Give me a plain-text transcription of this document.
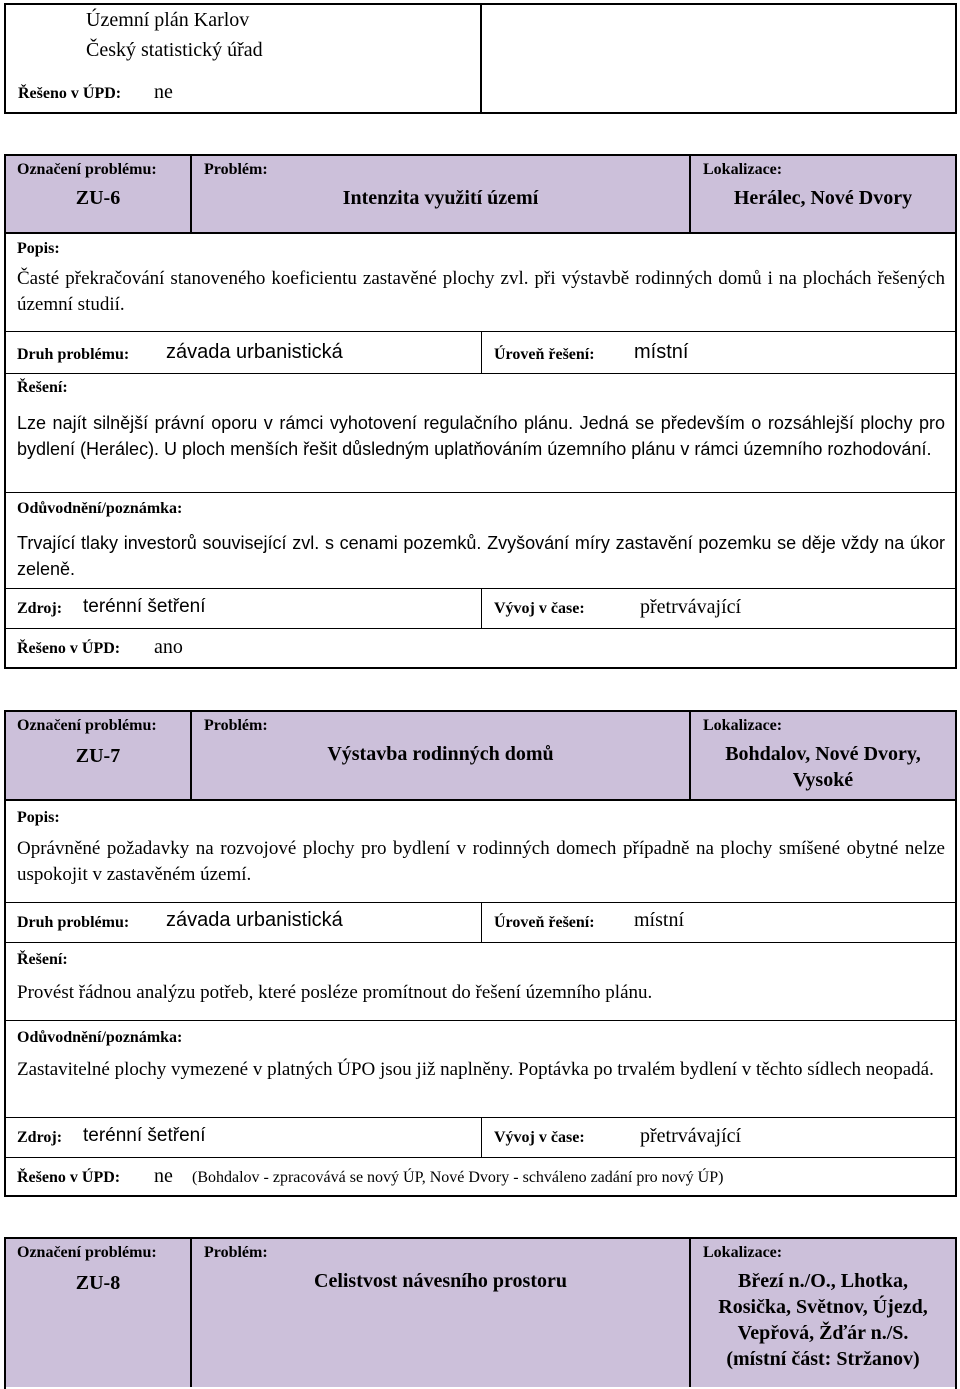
Územní plán Karlov
Český statistický úřad
Řešeno v ÚPD: ne
Označení problému:
ZU-6
Problém:
Intenzita využití území
Lokalizace:
Herálec, Nové Dvory
Popis:
Časté překračování stanoveného koeficientu zastavěné plochy zvl. při výstavbě rodinných domů i na plochách řešených územní studií.
Druh problému: závada urbanistická	Úroveň řešení: místní
Řešení:
Lze najít silnější právní oporu v rámci vyhotovení regulačního plánu. Jedná se především o rozsáhlejší plochy pro bydlení (Herálec). U ploch menších řešit důsledným uplatňováním územního plánu v rámci územního rozhodování.
Odůvodnění/poznámka:
Trvající tlaky investorů související zvl. s cenami pozemků. Zvyšování míry zastavění pozemku se děje vždy na úkor zeleně.
Zdroj: terénní šetření	Vývoj v čase:	přetrvávající
Řešeno v ÚPD: ano
Označení problému:
ZU-7
Problém:
Výstavba rodinných domů
Lokalizace:
Bohdalov, Nové Dvory,
Vysoké
Popis:
Oprávněné požadavky na rozvojové plochy pro bydlení v rodinných domech případně na plochy smíšené obytné nelze uspokojit v zastavěném území.
Druh problému: závada urbanistická	Úroveň řešení: místní
Řešení:
Provést řádnou analýzu potřeb, které posléze promítnout do řešení územního plánu.
Odůvodnění/poznámka:
Zastavitelné plochy vymezené v platných ÚPO jsou již naplněny. Poptávka po trvalém bydlení v těchto sídlech neopadá.
Zdroj: terénní šetření	Vývoj v čase:	přetrvávající
Řešeno v ÚPD: ne (Bohdalov - zpracovává se nový ÚP, Nové Dvory - schváleno zadání pro nový ÚP)
Označení problému:
ZU-8
Problém:
Celistvost návesního prostoru
Lokalizace:
Březí n./O., Lhotka,
Rosička, Světnov, Újezd,
Vepřová, Žďár n./S.
(místní část: Stržanov)
